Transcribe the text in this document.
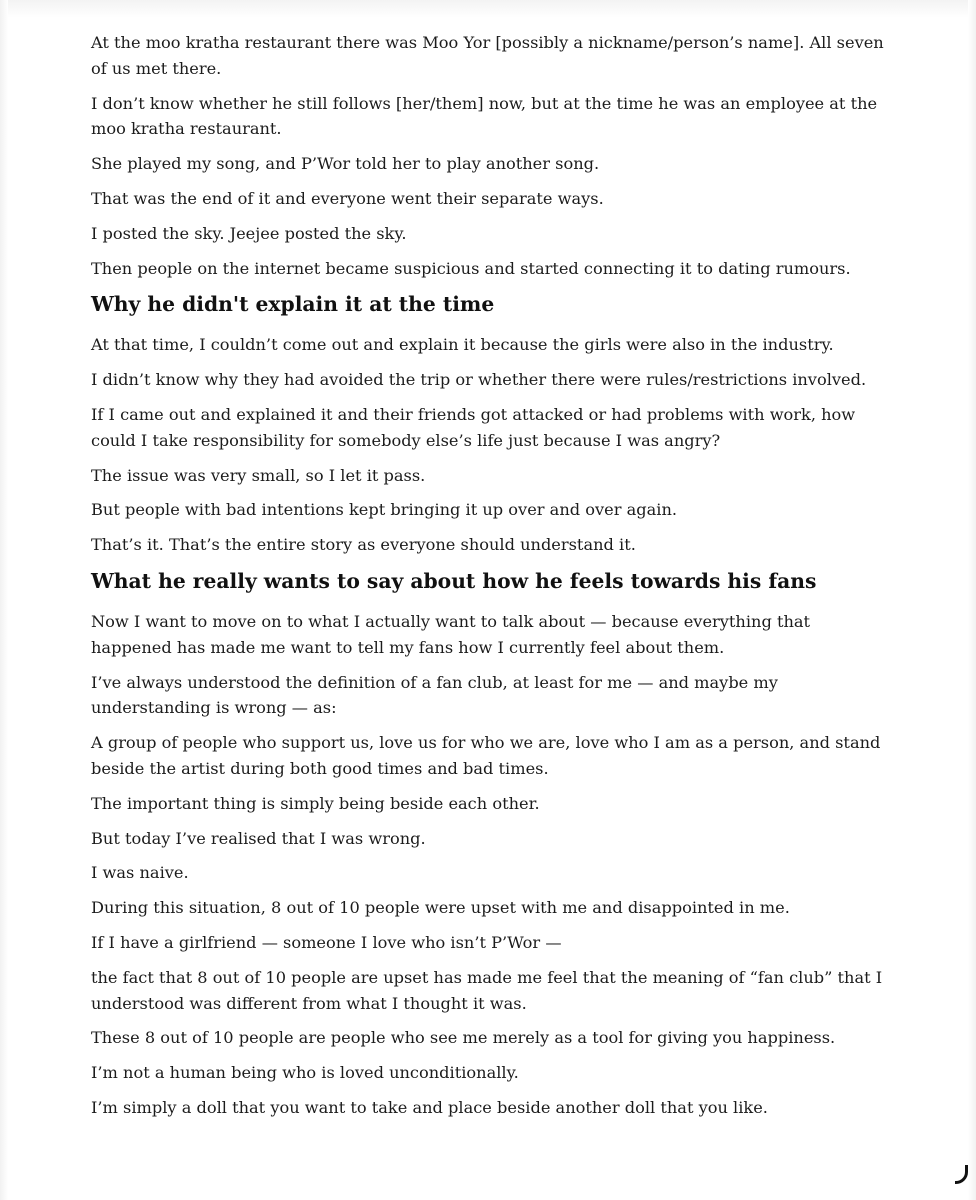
At the moo kratha restaurant there was Moo Yor [possibly a nickname/person’s name]. All seven of us met there.

I don’t know whether he still follows [her/them] now, but at the time he was an employee at the moo kratha restaurant.

She played my song, and P’Wor told her to play another song.

That was the end of it and everyone went their separate ways.

I posted the sky. Jeejee posted the sky.

Then people on the internet became suspicious and started connecting it to dating rumours.

Why he didn't explain it at the time

At that time, I couldn’t come out and explain it because the girls were also in the industry.

I didn’t know why they had avoided the trip or whether there were rules/restrictions involved.

If I came out and explained it and their friends got attacked or had problems with work, how could I take responsibility for somebody else’s life just because I was angry?

The issue was very small, so I let it pass.

But people with bad intentions kept bringing it up over and over again.

That’s it. That’s the entire story as everyone should understand it.

What he really wants to say about how he feels towards his fans

Now I want to move on to what I actually want to talk about — because everything that happened has made me want to tell my fans how I currently feel about them.

I’ve always understood the definition of a fan club, at least for me — and maybe my understanding is wrong — as:

A group of people who support us, love us for who we are, love who I am as a person, and stand beside the artist during both good times and bad times.

The important thing is simply being beside each other.

But today I’ve realised that I was wrong.

I was naive.

During this situation, 8 out of 10 people were upset with me and disappointed in me.

If I have a girlfriend — someone I love who isn’t P’Wor —

the fact that 8 out of 10 people are upset has made me feel that the meaning of “fan club” that I understood was different from what I thought it was.

These 8 out of 10 people are people who see me merely as a tool for giving you happiness.

I’m not a human being who is loved unconditionally.

I’m simply a doll that you want to take and place beside another doll that you like.
